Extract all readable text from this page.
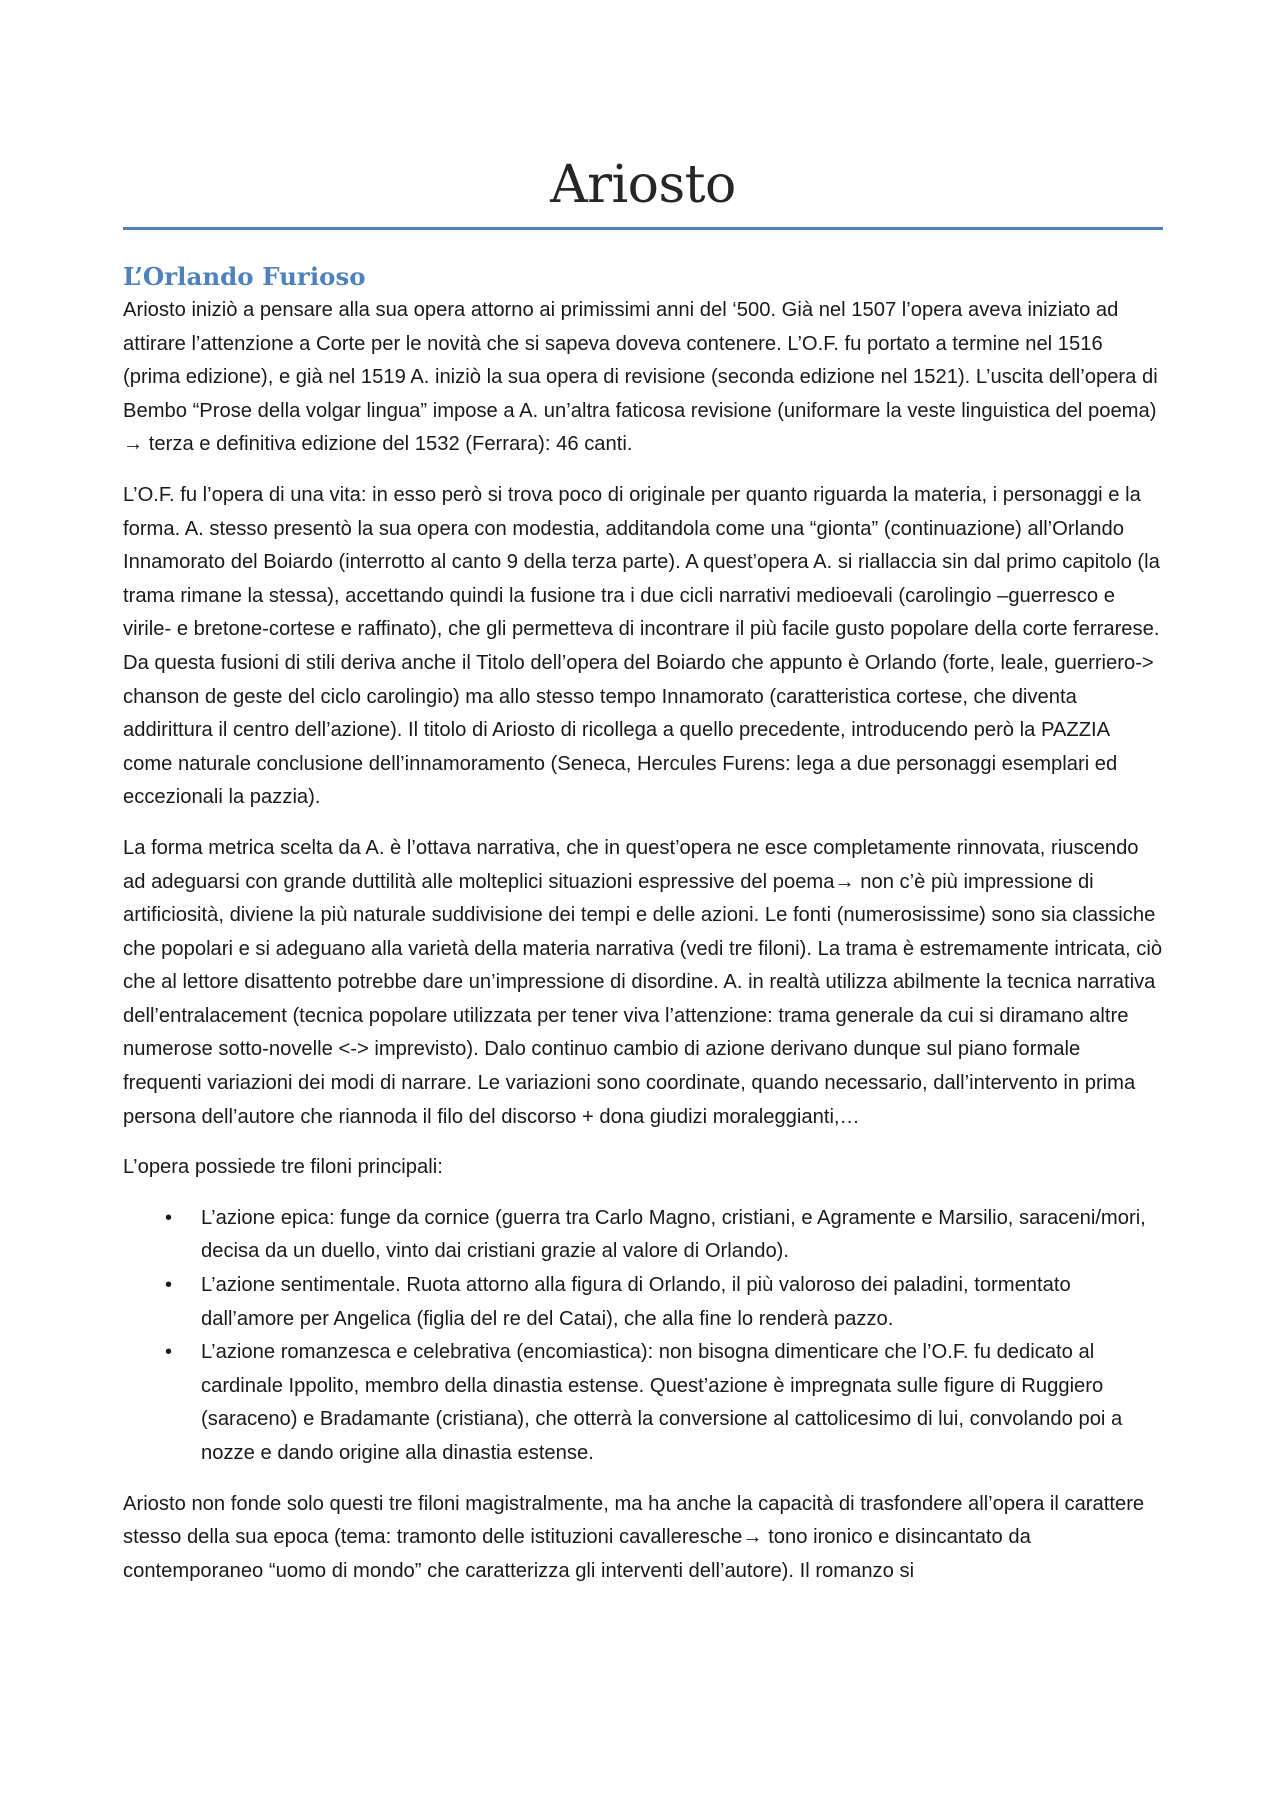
Ariosto
L’Orlando Furioso

Ariosto iniziò a pensare alla sua opera attorno ai primissimi anni del ‘500. Già nel 1507 l’opera aveva iniziato ad attirare l’attenzione a Corte per le novità che si sapeva doveva contenere. L’O.F. fu portato a termine nel 1516 (prima edizione), e già nel 1519 A. iniziò la sua opera di revisione (seconda edizione nel 1521). L’uscita dell’opera di Bembo “Prose della volgar lingua” impose a A. un’altra faticosa revisione (uniformare la veste linguistica del poema) → terza e definitiva edizione del 1532 (Ferrara): 46 canti.

L’O.F. fu l’opera di una vita: in esso però si trova poco di originale per quanto riguarda la materia, i personaggi e la forma. A. stesso presentò la sua opera con modestia, additandola come una “gionta” (continuazione) all’Orlando Innamorato del Boiardo (interrotto al canto 9 della terza parte). A quest’opera A. si riallaccia sin dal primo capitolo (la trama rimane la stessa), accettando quindi la fusione tra i due cicli narrativi medioevali (carolingio –guerresco e virile- e bretone-cortese e raffinato), che gli permetteva di incontrare il più facile gusto popolare della corte ferrarese. Da questa fusioni di stili deriva anche il Titolo dell’opera del Boiardo che appunto è Orlando (forte, leale, guerriero-> chanson de geste del ciclo carolingio) ma allo stesso tempo Innamorato (caratteristica cortese, che diventa addirittura il centro dell’azione). Il titolo di Ariosto di ricollega a quello precedente, introducendo però la PAZZIA come naturale conclusione dell’innamoramento (Seneca, Hercules Furens: lega a due personaggi esemplari ed eccezionali la pazzia).

La forma metrica scelta da A. è l’ottava narrativa, che in quest’opera ne esce completamente rinnovata, riuscendo ad adeguarsi con grande duttilità alle molteplici situazioni espressive del poema→ non c’è più impressione di artificiosità, diviene la più naturale suddivisione dei tempi e delle azioni. Le fonti (numerosissime) sono sia classiche che popolari e si adeguano alla varietà della materia narrativa (vedi tre filoni). La trama è estremamente intricata, ciò che al lettore disattento potrebbe dare un’impressione di disordine. A. in realtà utilizza abilmente la tecnica narrativa dell’entralacement (tecnica popolare utilizzata per tener viva l’attenzione: trama generale da cui si diramano altre numerose sotto-novelle <-> imprevisto). Dalo continuo cambio di azione derivano dunque sul piano formale frequenti variazioni dei modi di narrare. Le variazioni sono coordinate, quando necessario, dall’intervento in prima persona dell’autore che riannoda il filo del discorso + dona giudizi moraleggianti,…

L’opera possiede tre filoni principali:

• L’azione epica: funge da cornice (guerra tra Carlo Magno, cristiani, e Agramente e Marsilio, saraceni/mori, decisa da un duello, vinto dai cristiani grazie al valore di Orlando).
• L’azione sentimentale. Ruota attorno alla figura di Orlando, il più valoroso dei paladini, tormentato dall’amore per Angelica (figlia del re del Catai), che alla fine lo renderà pazzo.
• L’azione romanzesca e celebrativa (encomiastica): non bisogna dimenticare che l’O.F. fu dedicato al cardinale Ippolito, membro della dinastia estense. Quest’azione è impregnata sulle figure di Ruggiero (saraceno) e Bradamante (cristiana), che otterrà la conversione al cattolicesimo di lui, convolando poi a nozze e dando origine alla dinastia estense.

Ariosto non fonde solo questi tre filoni magistralmente, ma ha anche la capacità di trasfondere all’opera il carattere stesso della sua epoca (tema: tramonto delle istituzioni cavalleresche→ tono ironico e disincantato da contemporaneo “uomo di mondo” che caratterizza gli interventi dell’autore). Il romanzo si
